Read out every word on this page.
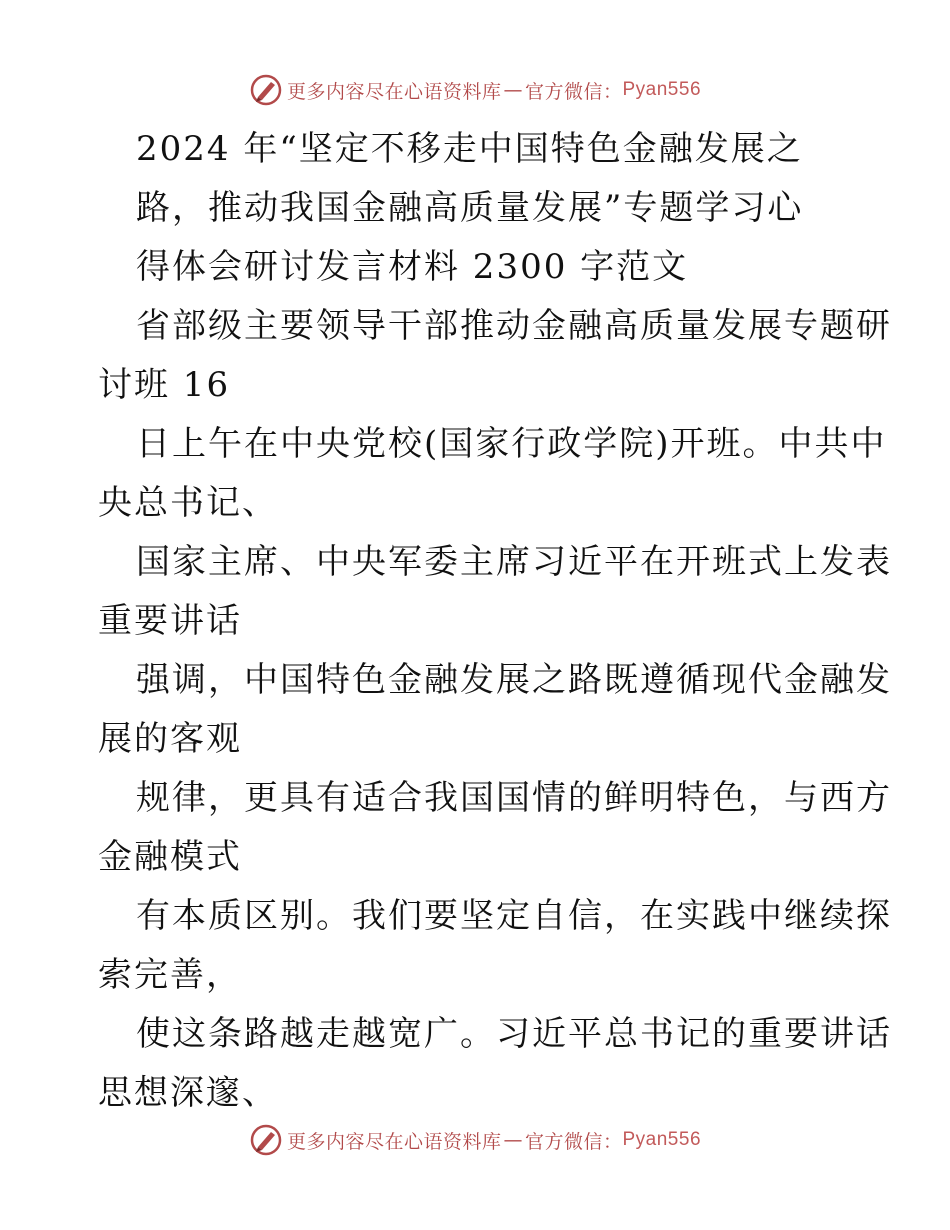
更多内容尽在心语资料库 — 官方微信： Pyan556
2024 年“坚定不移走中国特色金融发展之
路，推动我国金融高质量发展”专题学习心
得体会研讨发言材料 2300 字范文
省部级主要领导干部推动金融高质量发展专题研
讨班 16
日上午在中央党校(国家行政学院)开班。中共中
央总书记、
国家主席、中央军委主席习近平在开班式上发表
重要讲话
强调，中国特色金融发展之路既遵循现代金融发
展的客观
规律，更具有适合我国国情的鲜明特色，与西方
金融模式
有本质区别。我们要坚定自信，在实践中继续探
索完善，
使这条路越走越宽广。习近平总书记的重要讲话
思想深邃、
更多内容尽在心语资料库 — 官方微信： Pyan556
